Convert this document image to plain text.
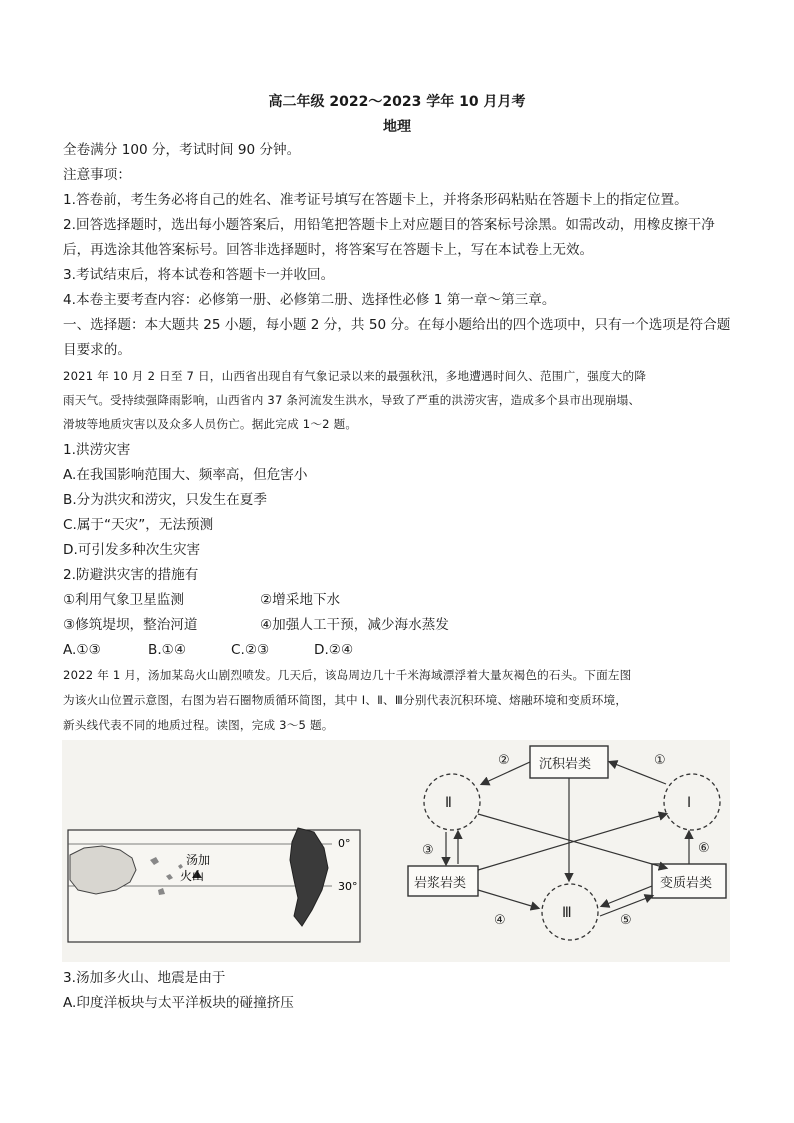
高二年级 2022～2023 学年 10 月月考
地理
全卷满分 100 分，考试时间 90 分钟。
注意事项：
1.答卷前，考生务必将自己的姓名、准考证号填写在答题卡上，并将条形码粘贴在答题卡上的指定位置。
2.回答选择题时，选出每小题答案后，用铅笔把答题卡上对应题目的答案标号涂黑。如需改动，用橡皮擦干净
后，再选涂其他答案标号。回答非选择题时，将答案写在答题卡上，写在本试卷上无效。
3.考试结束后，将本试卷和答题卡一并收回。
4.本卷主要考查内容：必修第一册、必修第二册、选择性必修 1 第一章～第三章。
一、选择题：本大题共 25 小题，每小题 2 分，共 50 分。在每小题给出的四个选项中，只有一个选项是符合题
目要求的。
2021 年 10 月 2 日至 7 日，山西省出现自有气象记录以来的最强秋汛，多地遭遇时间久、范围广，强度大的降
雨天气。受持续强降雨影响，山西省内 37 条河流发生洪水，导致了严重的洪涝灾害，造成多个县市出现崩塌、
滑坡等地质灾害以及众多人员伤亡。据此完成 1～2 题。
1.洪涝灾害
A.在我国影响范围大、频率高，但危害小
B.分为洪灾和涝灾，只发生在夏季
C.属于“天灾”，无法预测
D.可引发多种次生灾害
2.防避洪灾害的措施有
①利用气象卫星监测	②增采地下水
③修筑堤坝，整治河道	④加强人工干预，减少海水蒸发
A.①③	B.①④	C.②③	D.②④
2022 年 1 月，汤加某岛火山剧烈喷发。几天后，该岛周边几十千米海域漂浮着大量灰褐色的石头。下面左图
为该火山位置示意图，右图为岩石圈物质循环简图，其中 Ⅰ、Ⅱ、Ⅲ分别代表沉积环境、熔融环境和变质环境，
新头线代表不同的地质过程。读图，完成 3～5 题。
0°
30°
汤加
火山
沉积岩类
岩浆岩类	变质岩类
Ⅰ
Ⅱ
Ⅲ
①
②
③
④	⑤
⑥
3.汤加多火山、地震是由于
A.印度洋板块与太平洋板块的碰撞挤压
